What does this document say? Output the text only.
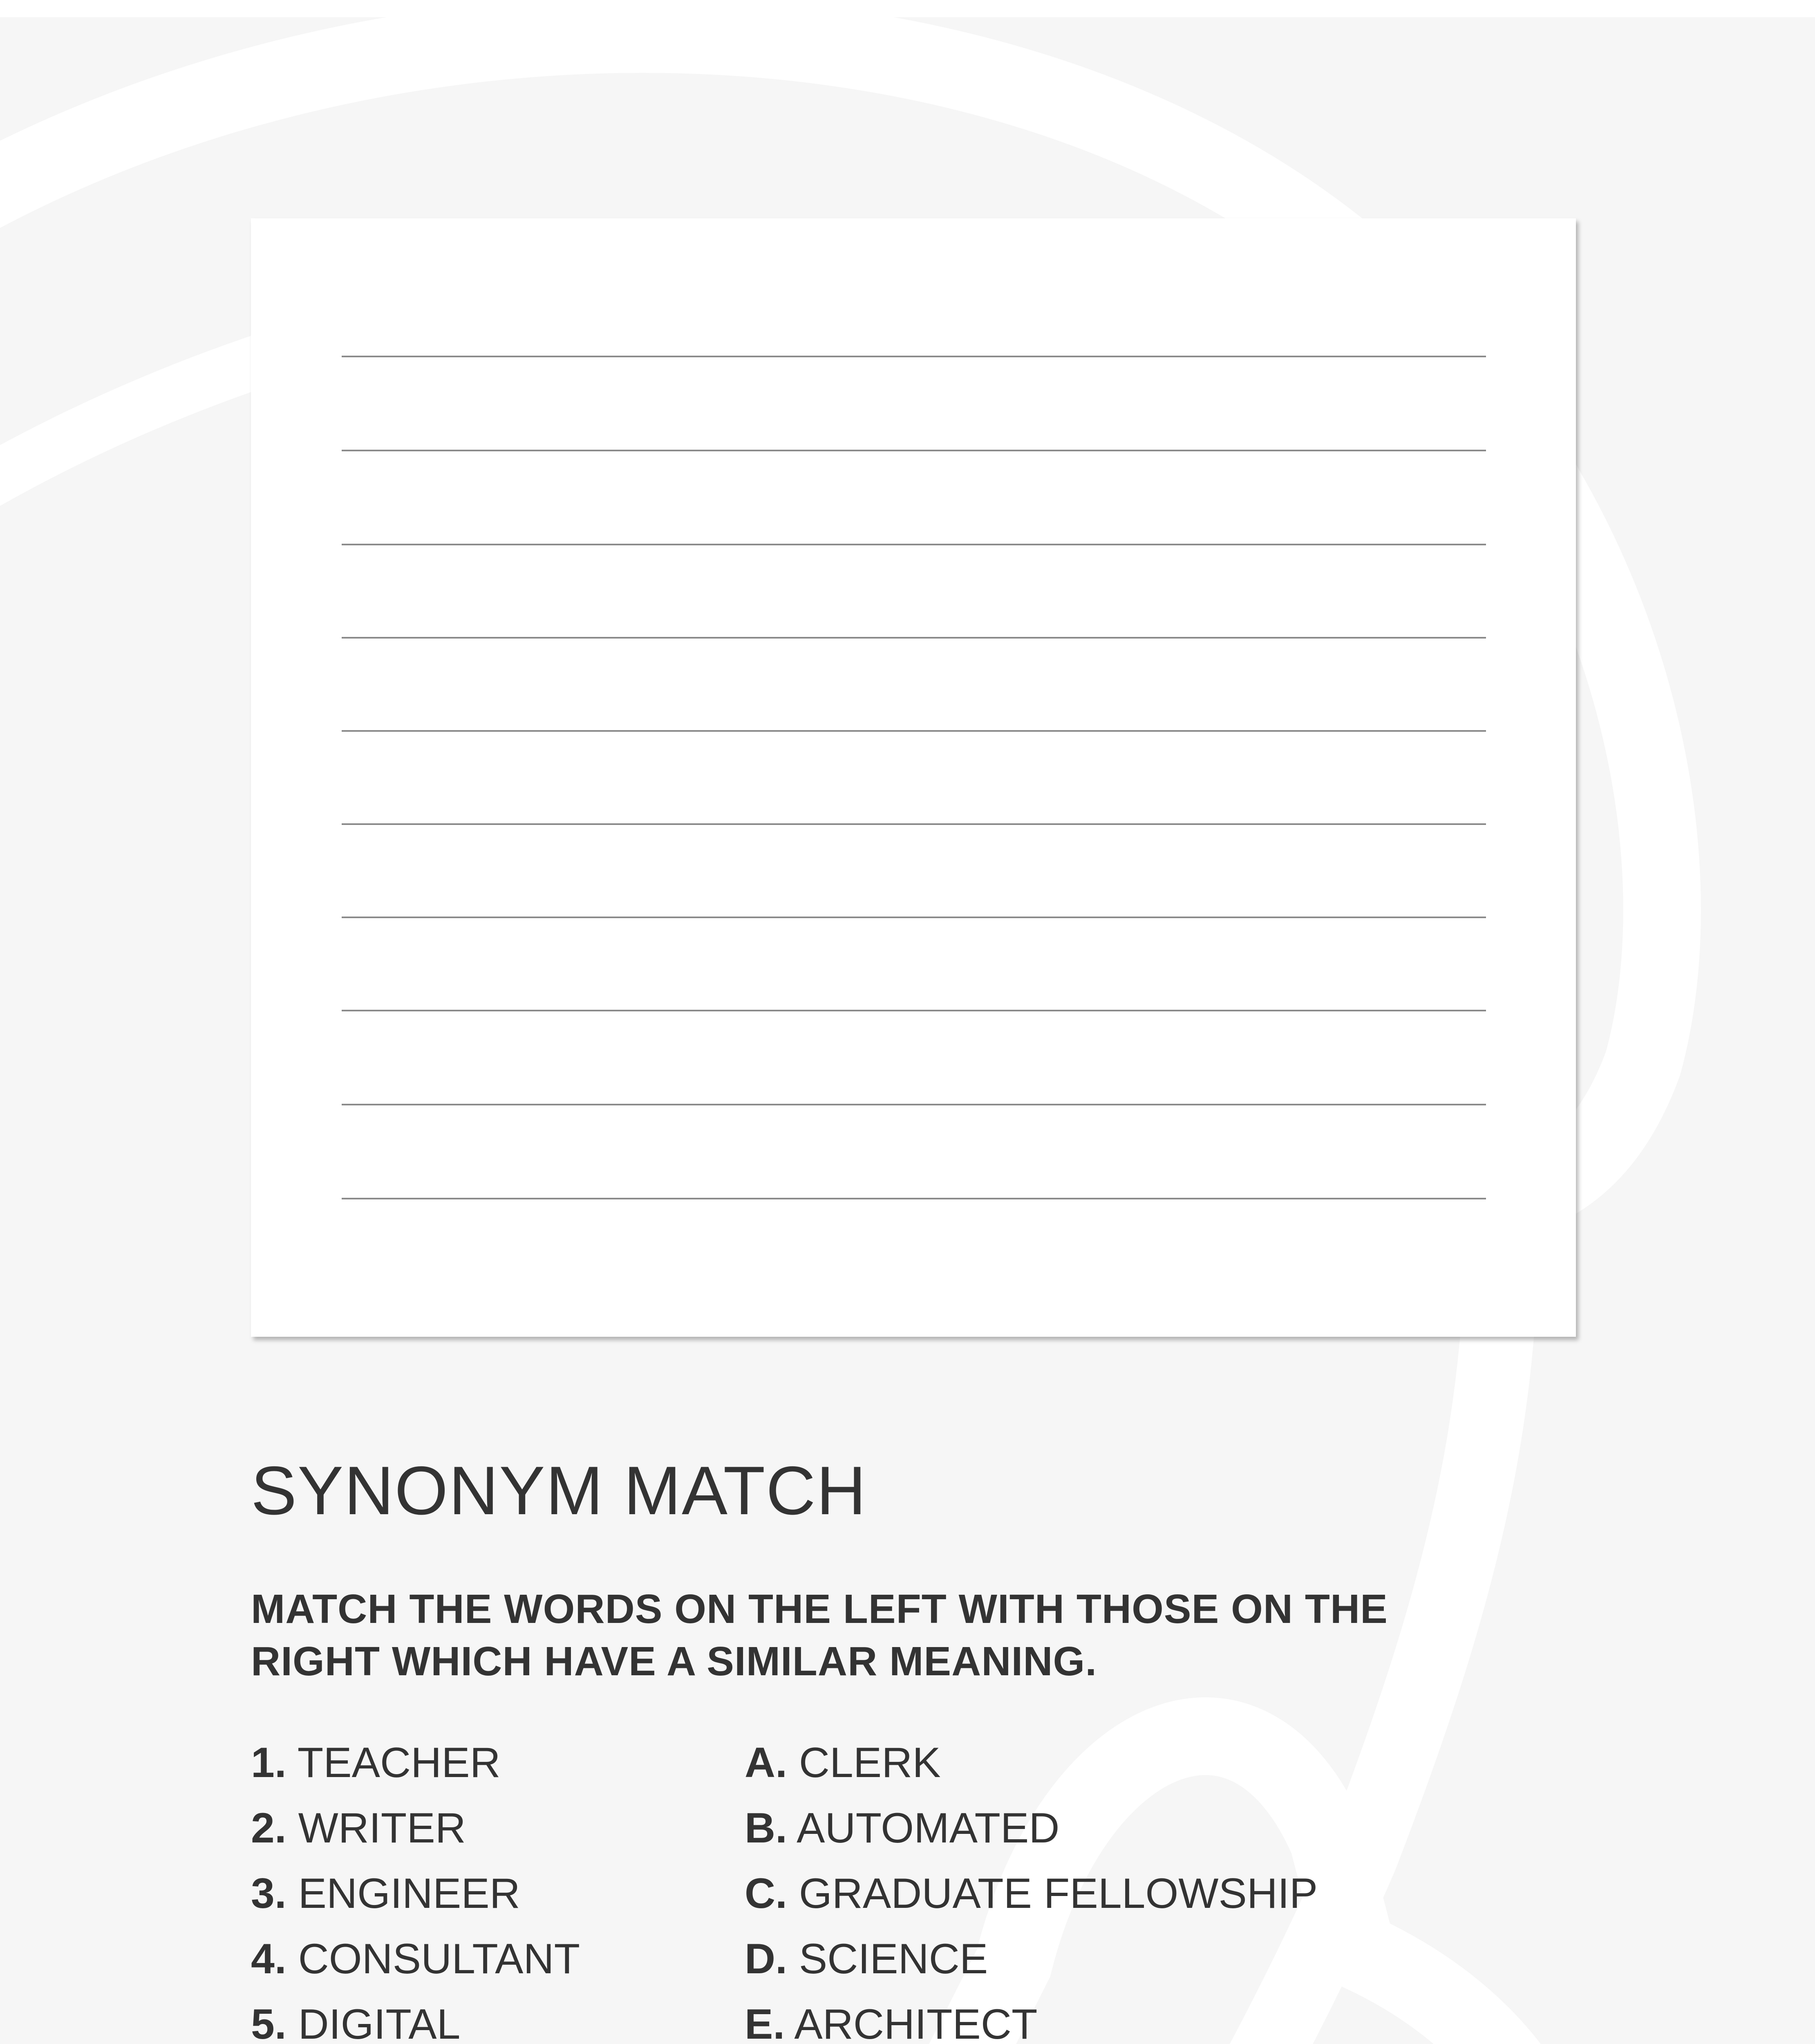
SYNONYM MATCH

MATCH THE WORDS ON THE LEFT WITH THOSE ON THE
RIGHT WHICH HAVE A SIMILAR MEANING.

1. TEACHER
2. WRITER
3. ENGINEER
4. CONSULTANT
5. DIGITAL
A. CLERK
B. AUTOMATED
C. GRADUATE FELLOWSHIP
D. SCIENCE
E. ARCHITECT
